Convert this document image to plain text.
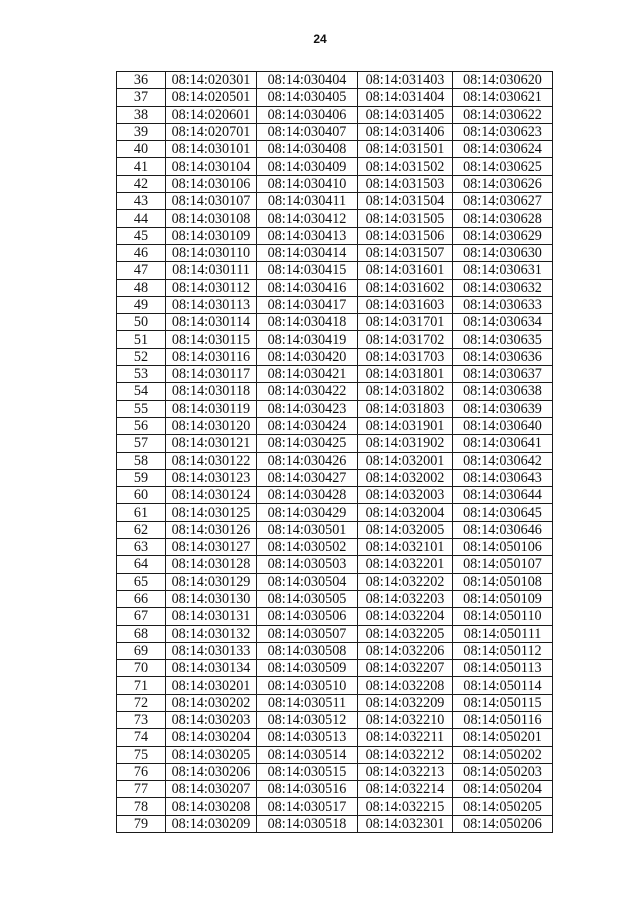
24
36	08:14:020301	08:14:030404	08:14:031403	08:14:030620
37	08:14:020501	08:14:030405	08:14:031404	08:14:030621
38	08:14:020601	08:14:030406	08:14:031405	08:14:030622
39	08:14:020701	08:14:030407	08:14:031406	08:14:030623
40	08:14:030101	08:14:030408	08:14:031501	08:14:030624
41	08:14:030104	08:14:030409	08:14:031502	08:14:030625
42	08:14:030106	08:14:030410	08:14:031503	08:14:030626
43	08:14:030107	08:14:030411	08:14:031504	08:14:030627
44	08:14:030108	08:14:030412	08:14:031505	08:14:030628
45	08:14:030109	08:14:030413	08:14:031506	08:14:030629
46	08:14:030110	08:14:030414	08:14:031507	08:14:030630
47	08:14:030111	08:14:030415	08:14:031601	08:14:030631
48	08:14:030112	08:14:030416	08:14:031602	08:14:030632
49	08:14:030113	08:14:030417	08:14:031603	08:14:030633
50	08:14:030114	08:14:030418	08:14:031701	08:14:030634
51	08:14:030115	08:14:030419	08:14:031702	08:14:030635
52	08:14:030116	08:14:030420	08:14:031703	08:14:030636
53	08:14:030117	08:14:030421	08:14:031801	08:14:030637
54	08:14:030118	08:14:030422	08:14:031802	08:14:030638
55	08:14:030119	08:14:030423	08:14:031803	08:14:030639
56	08:14:030120	08:14:030424	08:14:031901	08:14:030640
57	08:14:030121	08:14:030425	08:14:031902	08:14:030641
58	08:14:030122	08:14:030426	08:14:032001	08:14:030642
59	08:14:030123	08:14:030427	08:14:032002	08:14:030643
60	08:14:030124	08:14:030428	08:14:032003	08:14:030644
61	08:14:030125	08:14:030429	08:14:032004	08:14:030645
62	08:14:030126	08:14:030501	08:14:032005	08:14:030646
63	08:14:030127	08:14:030502	08:14:032101	08:14:050106
64	08:14:030128	08:14:030503	08:14:032201	08:14:050107
65	08:14:030129	08:14:030504	08:14:032202	08:14:050108
66	08:14:030130	08:14:030505	08:14:032203	08:14:050109
67	08:14:030131	08:14:030506	08:14:032204	08:14:050110
68	08:14:030132	08:14:030507	08:14:032205	08:14:050111
69	08:14:030133	08:14:030508	08:14:032206	08:14:050112
70	08:14:030134	08:14:030509	08:14:032207	08:14:050113
71	08:14:030201	08:14:030510	08:14:032208	08:14:050114
72	08:14:030202	08:14:030511	08:14:032209	08:14:050115
73	08:14:030203	08:14:030512	08:14:032210	08:14:050116
74	08:14:030204	08:14:030513	08:14:032211	08:14:050201
75	08:14:030205	08:14:030514	08:14:032212	08:14:050202
76	08:14:030206	08:14:030515	08:14:032213	08:14:050203
77	08:14:030207	08:14:030516	08:14:032214	08:14:050204
78	08:14:030208	08:14:030517	08:14:032215	08:14:050205
79	08:14:030209	08:14:030518	08:14:032301	08:14:050206
